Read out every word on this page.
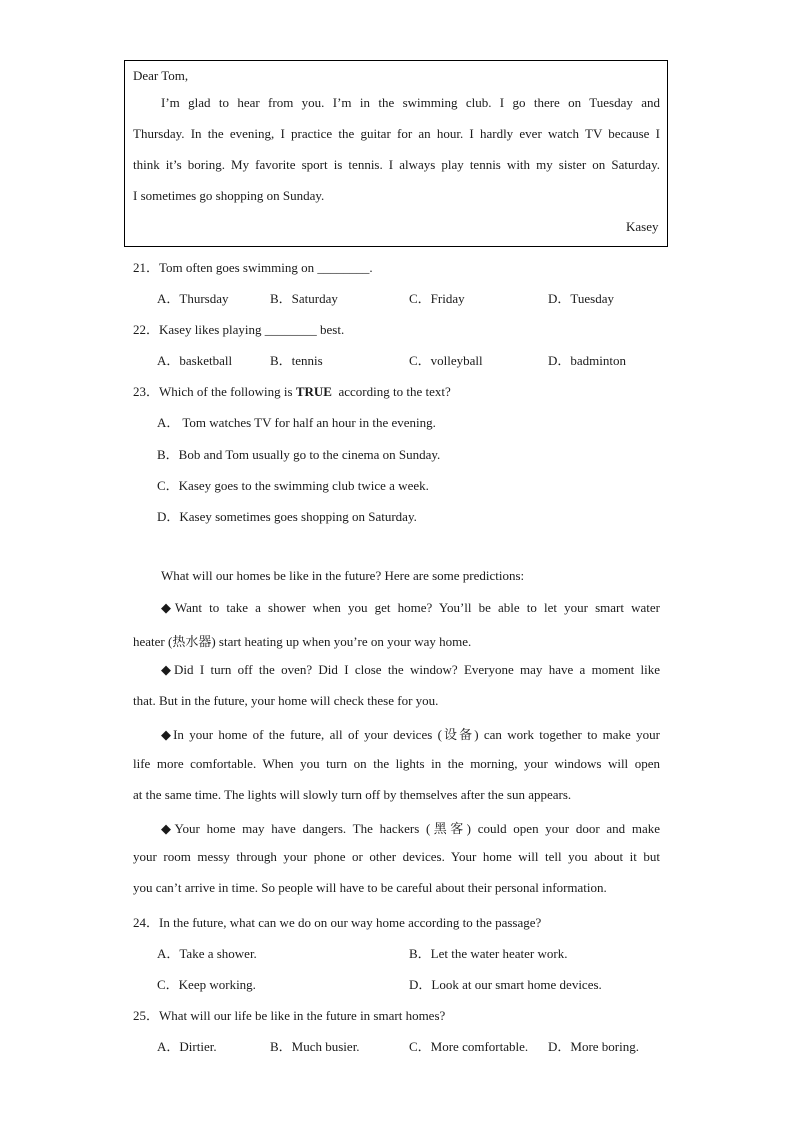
Dear Tom,
I’m glad to hear from you. I’m in the swimming club. I go there on Tuesday and
Thursday. In the evening, I practice the guitar for an hour. I hardly ever watch TV because I
think it’s boring. My favorite sport is tennis. I always play tennis with my sister on Saturday.
I sometimes go shopping on Sunday.
Kasey
21．Tom often goes swimming on ________.
A．Thursday	B．Saturday	C．Friday	D．Tuesday
22．Kasey likes playing ________ best.
A．basketball	B．tennis	C．volleyball	D．badminton
23．Which of the following is TRUE  according to the text?
A． Tom watches TV for half an hour in the evening.
B．Bob and Tom usually go to the cinema on Sunday.
C．Kasey goes to the swimming club twice a week.
D．Kasey sometimes goes shopping on Saturday.
What will our homes be like in the future? Here are some predictions:
◆Want to take a shower when you get home? You’ll be able to let your smart water
heater (热水器) start heating up when you’re on your way home.
◆Did I turn off the oven? Did I close the window? Everyone may have a moment like
that. But in the future, your home will check these for you.
◆In your home of the future, all of your devices (设备) can work together to make your
life more comfortable. When you turn on the lights in the morning, your windows will open
at the same time. The lights will slowly turn off by themselves after the sun appears.
◆Your home may have dangers. The hackers (黑客) could open your door and make
your room messy through your phone or other devices. Your home will tell you about it but
you can’t arrive in time. So people will have to be careful about their personal information.
24．In the future, what can we do on our way home according to the passage?
A．Take a shower.	B．Let the water heater work.
C．Keep working.	D．Look at our smart home devices.
25．What will our life be like in the future in smart homes?
A．Dirtier.	B．Much busier.	C．More comfortable. D．More boring.
